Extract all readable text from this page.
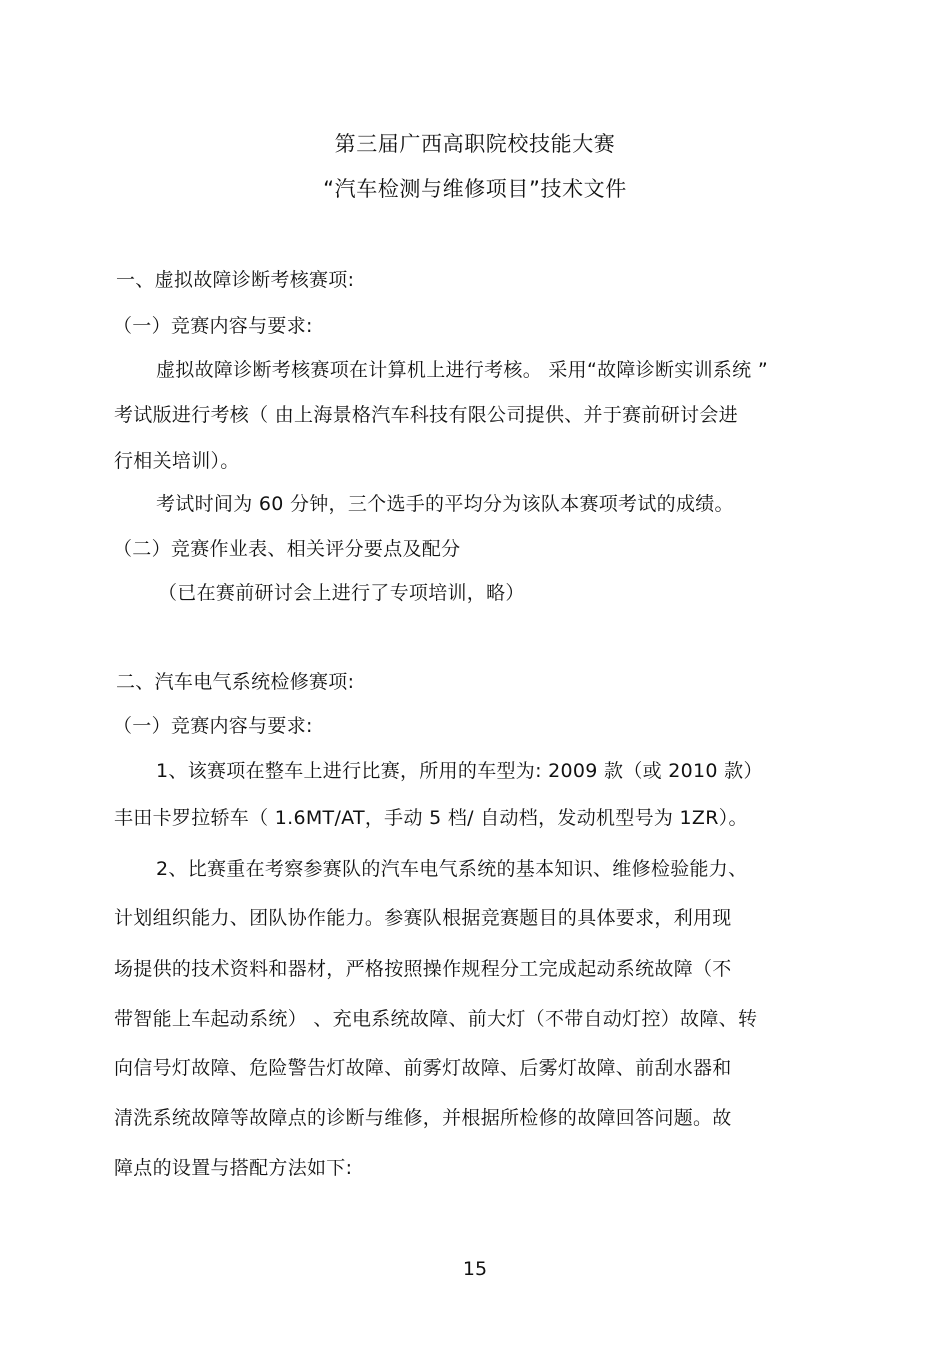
第三届广西高职院校技能大赛
“汽车检测与维修项目”技术文件
一、虚拟故障诊断考核赛项:
（一）竞赛内容与要求:
虚拟故障诊断考核赛项在计算机上进行考核。 采用“故障诊断实训系统 ”
考试版进行考核（ 由上海景格汽车科技有限公司提供、并于赛前研讨会进
行相关培训）。
考试时间为 60 分钟，三个选手的平均分为该队本赛项考试的成绩。
（二）竞赛作业表、相关评分要点及配分
（已在赛前研讨会上进行了专项培训，略）
二、汽车电气系统检修赛项:
（一）竞赛内容与要求:
1、该赛项在整车上进行比赛，所用的车型为: 2009 款（或 2010 款）
丰田卡罗拉轿车（ 1.6MT/AT，手动 5 档/ 自动档，发动机型号为 1ZR）。
2、比赛重在考察参赛队的汽车电气系统的基本知识、维修检验能力、
计划组织能力、团队协作能力。参赛队根据竞赛题目的具体要求，利用现
场提供的技术资料和器材，严格按照操作规程分工完成起动系统故障（不
带智能上车起动系统） 、充电系统故障、前大灯（不带自动灯控）故障、转
向信号灯故障、危险警告灯故障、前雾灯故障、后雾灯故障、前刮水器和
清洗系统故障等故障点的诊断与维修，并根据所检修的故障回答问题。故
障点的设置与搭配方法如下:
15
